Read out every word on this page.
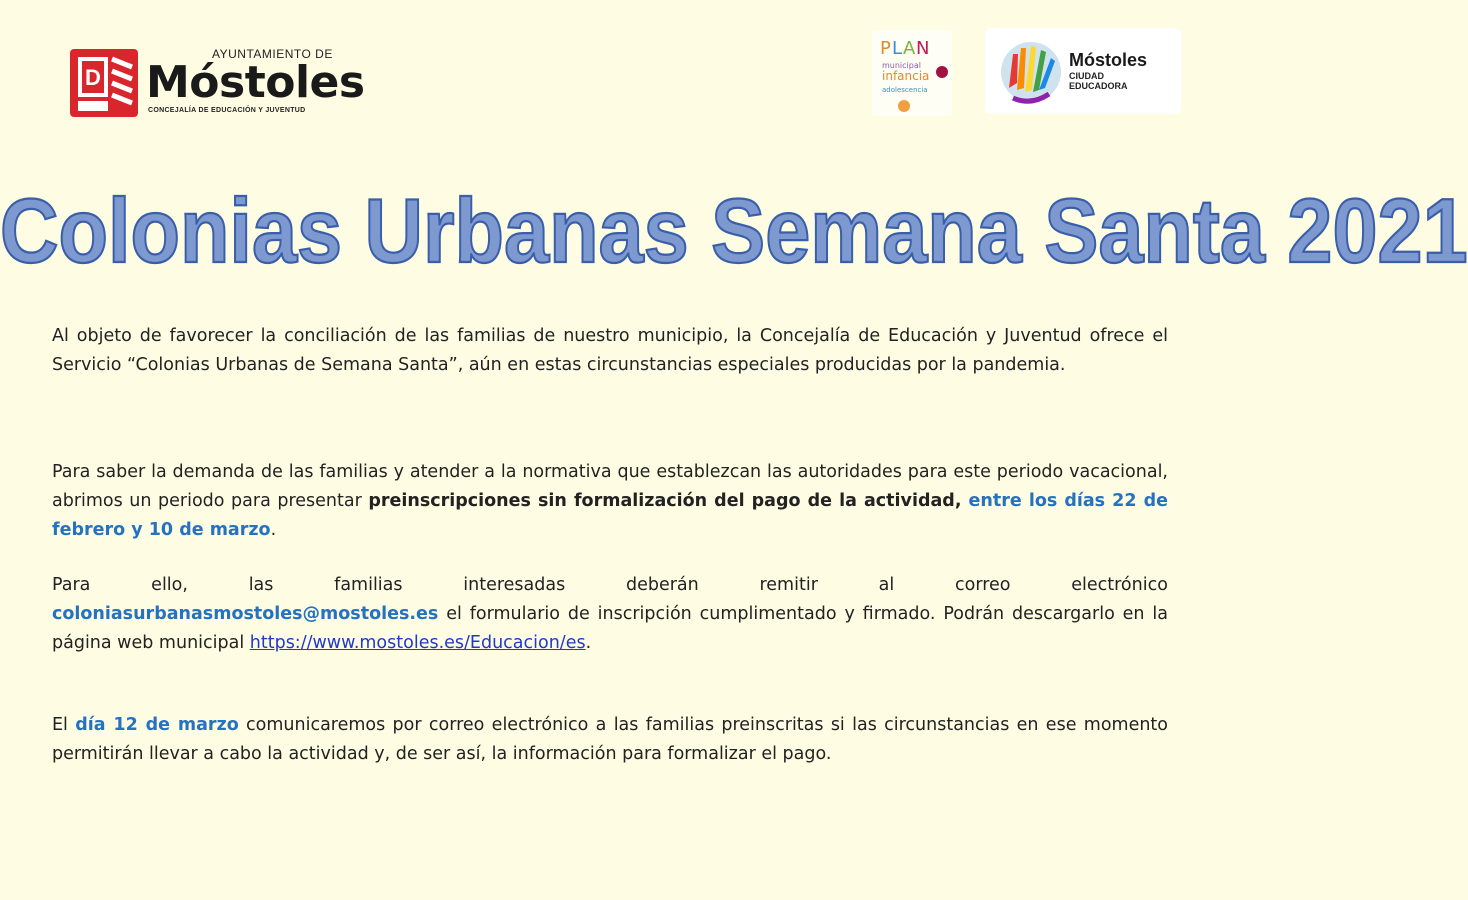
D
AYUNTAMIENTO DE
Móstoles
CONCEJALÍA DE EDUCACIÓN Y JUVENTUD
P L A N
municipal
infancia
adolescencia
Móstoles
CIUDAD
EDUCADORA
Colonias Urbanas Semana Santa 2021
Al objeto de favorecer la conciliación de las familias de nuestro municipio, la Concejalía de Educación y Juventud ofrece el Servicio “Colonias Urbanas de Semana Santa”, aún en estas circunstancias especiales producidas por la pandemia.
Para saber la demanda de las familias y atender a la normativa que establezcan las autoridades para este periodo vacacional, abrimos un periodo para presentar preinscripciones sin formalización del pago de la actividad, entre los días 22 de febrero y 10 de marzo.
Para	ello,	las	familias	interesadas	deberán	remitir	al	correo	electrónico
coloniasurbanasmostoles@mostoles.es el formulario de inscripción cumplimentado y firmado. Podrán descargarlo en la página web municipal https://www.mostoles.es/Educacion/es.
El día 12 de marzo comunicaremos por correo electrónico a las familias preinscritas si las circunstancias en ese momento permitirán llevar a cabo la actividad y, de ser así, la información para formalizar el pago.
